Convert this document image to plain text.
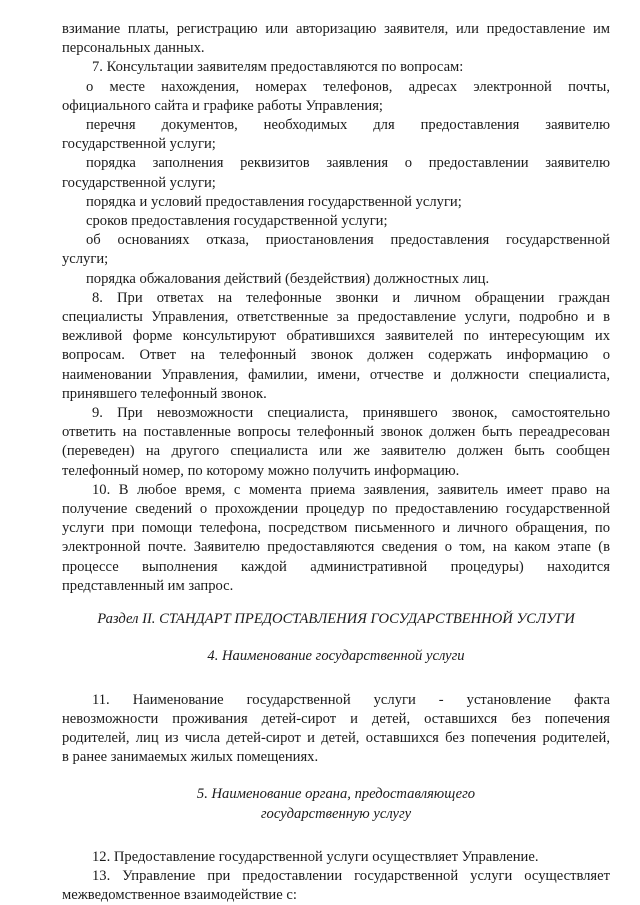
взимание платы, регистрацию или авторизацию заявителя, или предоставление им
персональных данных.
7. Консультации заявителям предоставляются по вопросам:
о месте нахождения, номерах телефонов, адресах электронной почты,
официального сайта и графике работы Управления;
перечня документов, необходимых для предоставления заявителю
государственной услуги;
порядка заполнения реквизитов заявления о предоставлении заявителю
государственной услуги;
порядка и условий предоставления государственной услуги;
сроков предоставления государственной услуги;
об основаниях отказа, приостановления предоставления государственной
услуги;
порядка обжалования действий (бездействия) должностных лиц.
8. При ответах на телефонные звонки и личном обращении граждан
специалисты Управления, ответственные за предоставление услуги, подробно и в
вежливой форме консультируют обратившихся заявителей по интересующим их
вопросам. Ответ на телефонный звонок должен содержать информацию о
наименовании Управления, фамилии, имени, отчестве и должности специалиста,
принявшего телефонный звонок.
9. При невозможности специалиста, принявшего звонок, самостоятельно
ответить на поставленные вопросы телефонный звонок должен быть переадресован
(переведен) на другого специалиста или же заявителю должен быть сообщен
телефонный номер, по которому можно получить информацию.
10. В любое время, с момента приема заявления, заявитель имеет право на
получение сведений о прохождении процедур по предоставлению государственной
услуги при помощи телефона, посредством письменного и личного обращения, по
электронной почте. Заявителю предоставляются сведения о том, на каком этапе (в
процессе выполнения каждой административной процедуры) находится
представленный им запрос.
Раздел II. СТАНДАРТ ПРЕДОСТАВЛЕНИЯ ГОСУДАРСТВЕННОЙ УСЛУГИ
4. Наименование государственной услуги
11. Наименование государственной услуги - установление факта
невозможности проживания детей-сирот и детей, оставшихся без попечения
родителей, лиц из числа детей-сирот и детей, оставшихся без попечения родителей,
в ранее занимаемых жилых помещениях.
5. Наименование органа, предоставляющего
государственную услугу
12. Предоставление государственной услуги осуществляет Управление.
13. Управление при предоставлении государственной услуги осуществляет
межведомственное взаимодействие с:
